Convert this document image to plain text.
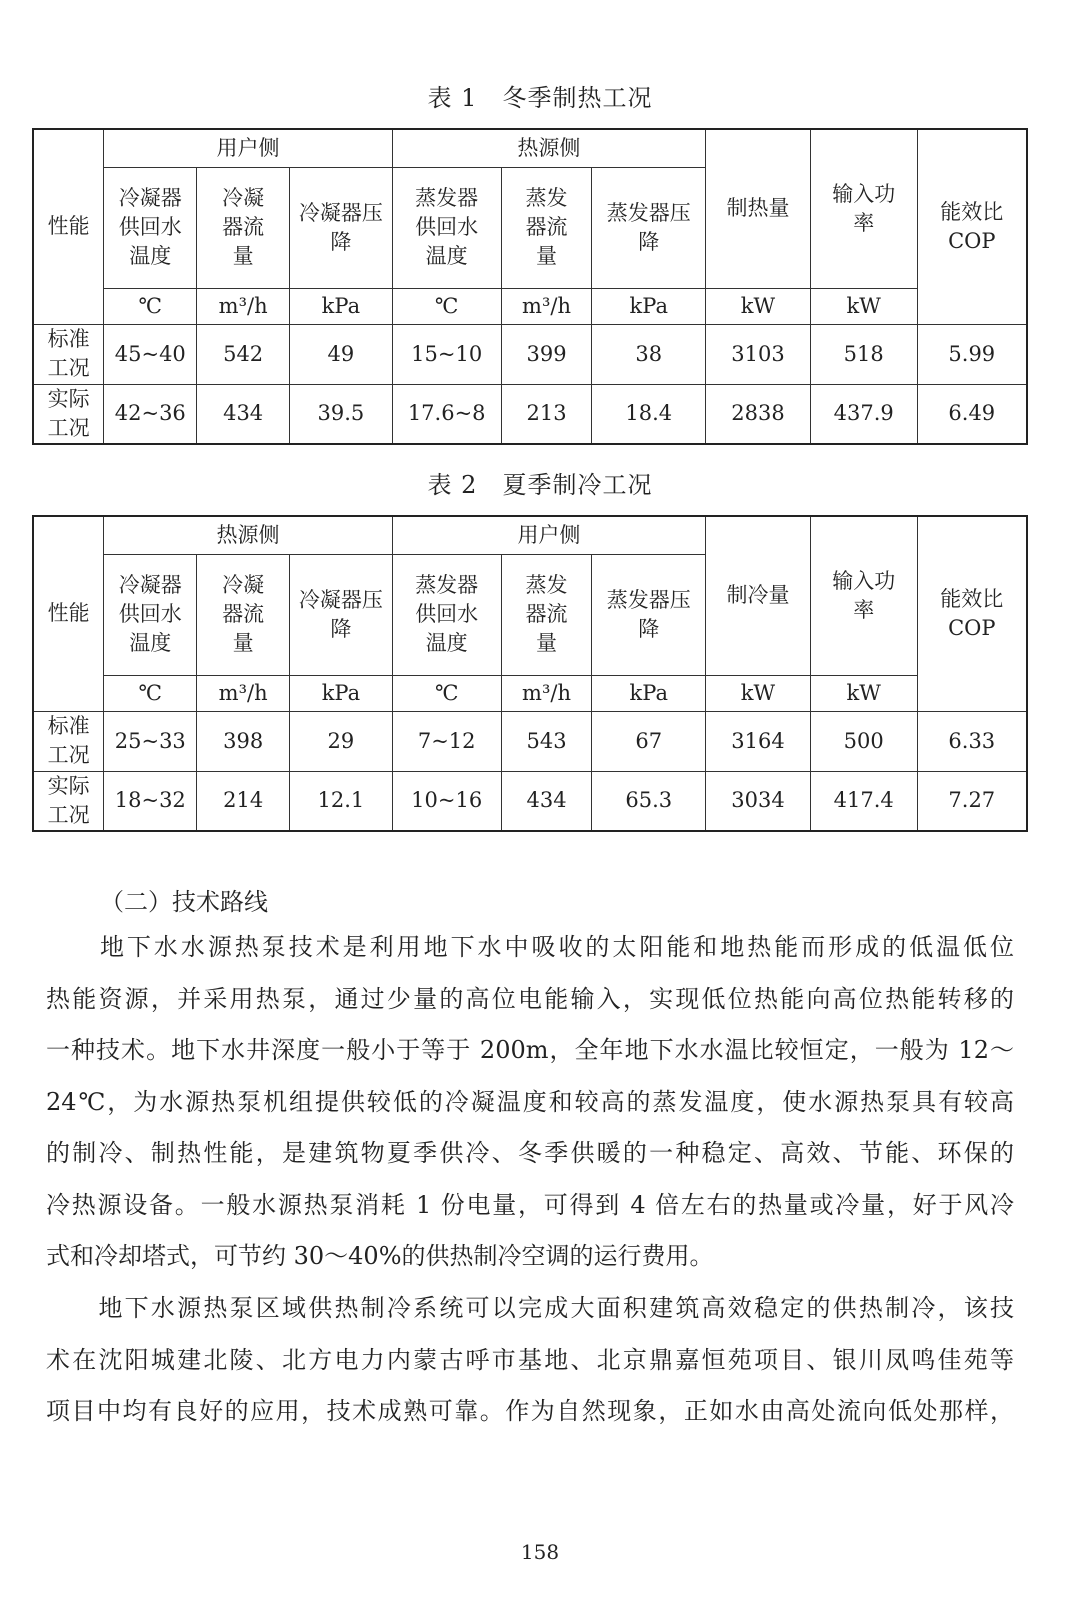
表 1　冬季制热工况
性能	用户侧			热源侧			制热量	输入功率	能效比COP
	冷凝器供回水温度	冷凝器流量	冷凝器压降	蒸发器供回水温度	蒸发器流量	蒸发器压降			
	℃	m³/h	kPa	℃	m³/h	kPa	kW	kW	
标准工况	45~40	542	49	15~10	399	38	3103	518	5.99
实际工况	42~36	434	39.5	17.6~8	213	18.4	2838	437.9	6.49
表 2　夏季制冷工况
性能	热源侧			用户侧			制冷量	输入功率	能效比COP
	冷凝器供回水温度	冷凝器流量	冷凝器压降	蒸发器供回水温度	蒸发器流量	蒸发器压降			
	℃	m³/h	kPa	℃	m³/h	kPa	kW	kW	
标准工况	25~33	398	29	7~12	543	67	3164	500	6.33
实际工况	18~32	214	12.1	10~16	434	65.3	3034	417.4	7.27
（二）技术路线
　　地下水水源热泵技术是利用地下水中吸收的太阳能和地热能而形成的低温低位
热能资源，并采用热泵，通过少量的高位电能输入，实现低位热能向高位热能转移的
一种技术。地下水井深度一般小于等于 200m，全年地下水水温比较恒定，一般为 12～
24℃，为水源热泵机组提供较低的冷凝温度和较高的蒸发温度，使水源热泵具有较高
的制冷、制热性能，是建筑物夏季供冷、冬季供暖的一种稳定、高效、节能、环保的
冷热源设备。一般水源热泵消耗 1 份电量，可得到 4 倍左右的热量或冷量，好于风冷
式和冷却塔式，可节约 30～40%的供热制冷空调的运行费用。
　　地下水源热泵区域供热制冷系统可以完成大面积建筑高效稳定的供热制冷，该技
术在沈阳城建北陵、北方电力内蒙古呼市基地、北京鼎嘉恒苑项目、银川凤鸣佳苑等
项目中均有良好的应用，技术成熟可靠。作为自然现象，正如水由高处流向低处那样，
158
